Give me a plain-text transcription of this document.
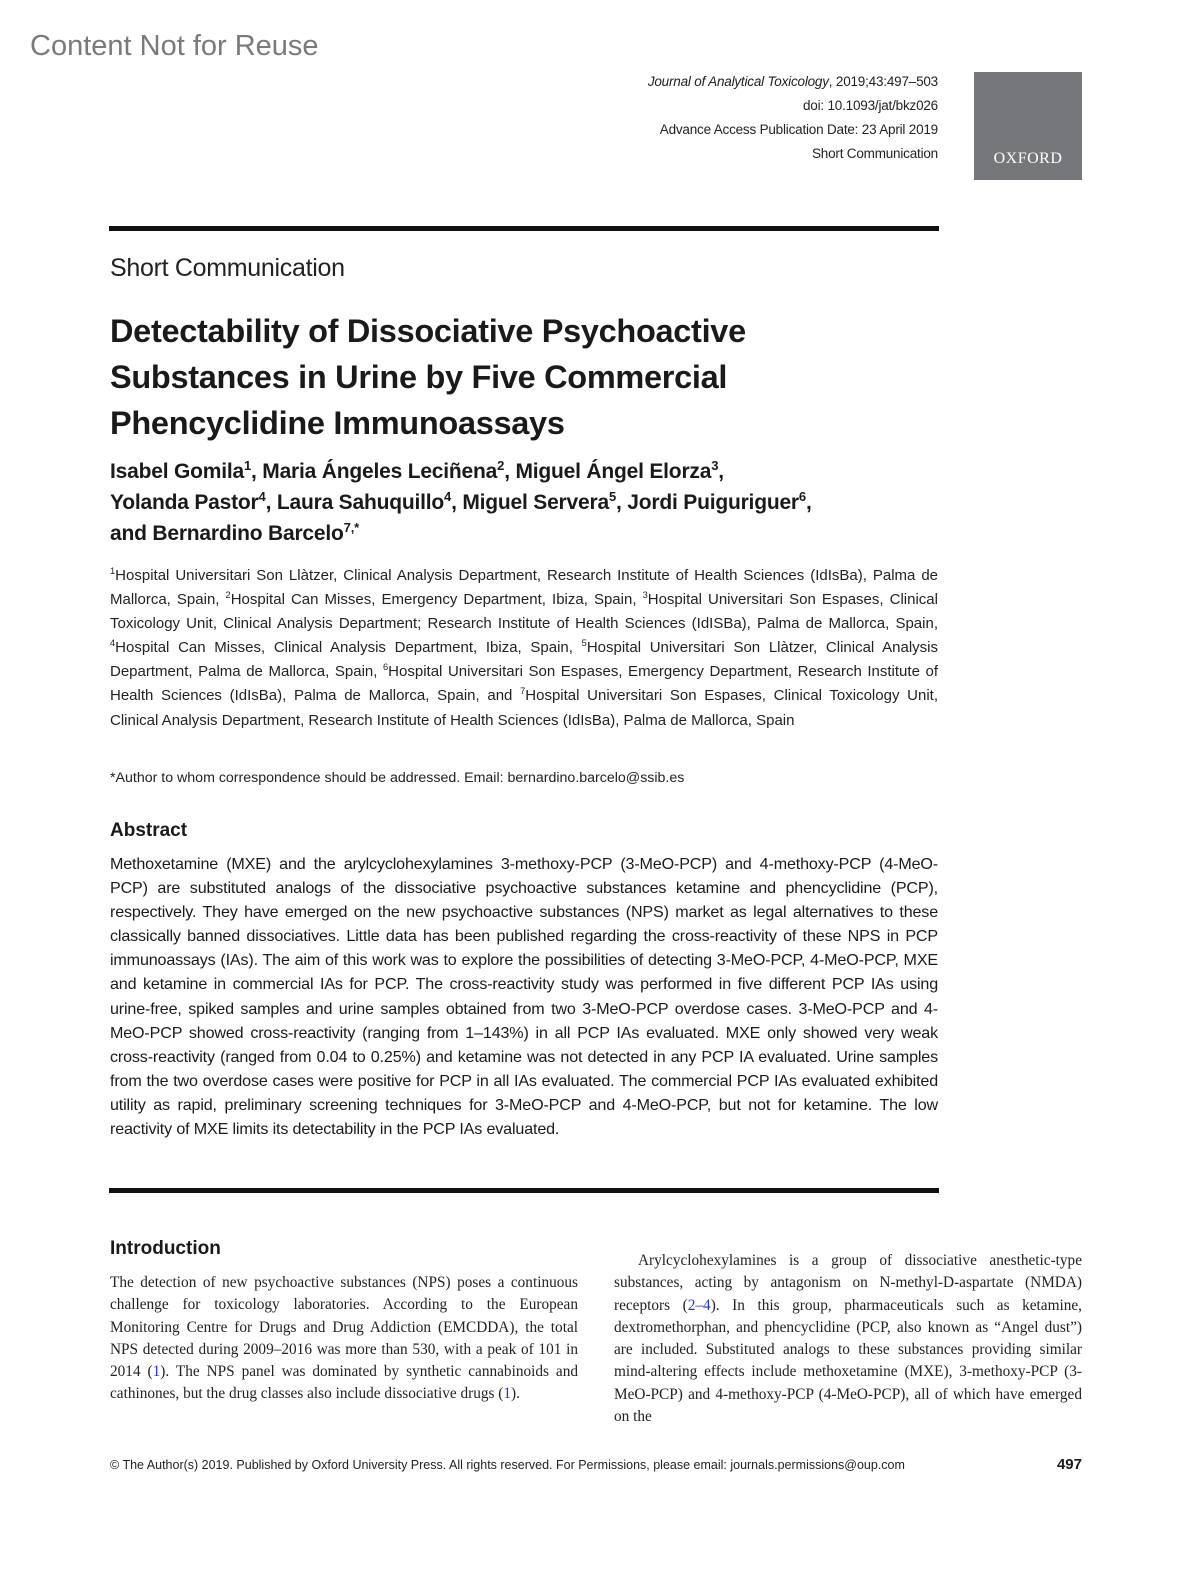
Content Not for Reuse
Journal of Analytical Toxicology, 2019;43:497–503
doi: 10.1093/jat/bkz026
Advance Access Publication Date: 23 April 2019
Short Communication	OXFORD
Short Communication
Detectability of Dissociative Psychoactive Substances in Urine by Five Commercial Phencyclidine Immunoassays
Isabel Gomila$^1$, Maria Ángeles Leciñena$^2$, Miguel Ángel Elorza$^3$,
Yolanda Pastor$^4$, Laura Sahuquillo$^4$, Miguel Servera$^5$, Jordi Puiguriguer$^6$,
and Bernardino Barcelo$^{7,*}$
$^1$Hospital Universitari Son Llàtzer, Clinical Analysis Department, Research Institute of Health Sciences (IdIsBa), Palma de Mallorca, Spain, $^2$Hospital Can Misses, Emergency Department, Ibiza, Spain, $^3$Hospital Universitari Son Espases, Clinical Toxicology Unit, Clinical Analysis Department; Research Institute of Health Sciences (IdISBa), Palma de Mallorca, Spain, $^4$Hospital Can Misses, Clinical Analysis Department, Ibiza, Spain, $^5$Hospital Universitari Son Llàtzer, Clinical Analysis Department, Palma de Mallorca, Spain, $^6$Hospital Universitari Son Espases, Emergency Department, Research Institute of Health Sciences (IdIsBa), Palma de Mallorca, Spain, and $^7$Hospital Universitari Son Espases, Clinical Toxicology Unit, Clinical Analysis Department, Research Institute of Health Sciences (IdIsBa), Palma de Mallorca, Spain
*Author to whom correspondence should be addressed. Email: bernardino.barcelo@ssib.es
Abstract
Methoxetamine (MXE) and the arylcyclohexylamines 3-methoxy-PCP (3-MeO-PCP) and 4-methoxy-PCP (4-MeO-PCP) are substituted analogs of the dissociative psychoactive substances ketamine and phencyclidine (PCP), respectively. They have emerged on the new psychoactive substances (NPS) market as legal alternatives to these classically banned dissociatives. Little data has been published regarding the cross-reactivity of these NPS in PCP immunoassays (IAs). The aim of this work was to explore the possibilities of detecting 3-MeO-PCP, 4-MeO-PCP, MXE and ketamine in commercial IAs for PCP. The cross-reactivity study was performed in five different PCP IAs using urine-free, spiked samples and urine samples obtained from two 3-MeO-PCP overdose cases. 3-MeO-PCP and 4-MeO-PCP showed cross-reactivity (ranging from 1–143%) in all PCP IAs evaluated. MXE only showed very weak cross-reactivity (ranged from 0.04 to 0.25%) and ketamine was not detected in any PCP IA evaluated. Urine samples from the two overdose cases were positive for PCP in all IAs evaluated. The commercial PCP IAs evaluated exhibited utility as rapid, preliminary screening techniques for 3-MeO-PCP and 4-MeO-PCP, but not for ketamine. The low reactivity of MXE limits its detectability in the PCP IAs evaluated.
Introduction
The detection of new psychoactive substances (NPS) poses a continuous challenge for toxicology laboratories. According to the European Monitoring Centre for Drugs and Drug Addiction (EMCDDA), the total NPS detected during 2009–2016 was more than 530, with a peak of 101 in 2014 (1). The NPS panel was dominated by synthetic cannabinoids and cathinones, but the drug classes also include dissociative drugs (1).
Arylcyclohexylamines is a group of dissociative anesthetic-type substances, acting by antagonism on N-methyl-D-aspartate (NMDA) receptors (2–4). In this group, pharmaceuticals such as ketamine, dextromethorphan, and phencyclidine (PCP, also known as “Angel dust”) are included. Substituted analogs to these substances providing similar mind-altering effects include methoxetamine (MXE), 3-methoxy-PCP (3-MeO-PCP) and 4-methoxy-PCP (4-MeO-PCP), all of which have emerged on the
© The Author(s) 2019. Published by Oxford University Press. All rights reserved. For Permissions, please email: journals.permissions@oup.com	497
